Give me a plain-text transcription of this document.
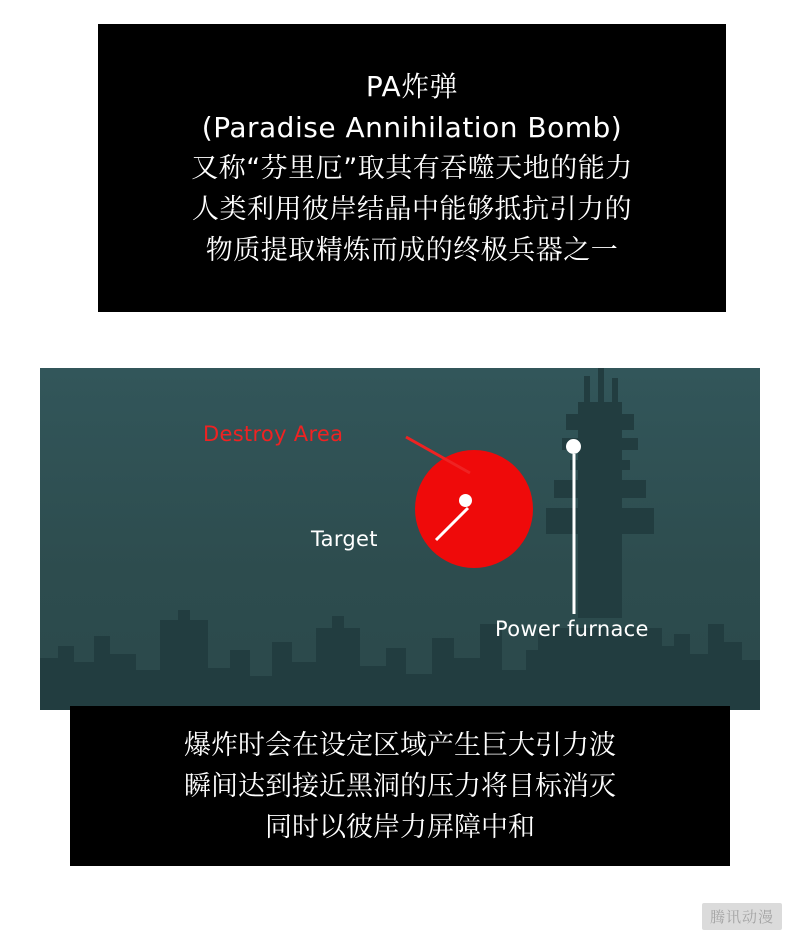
PA炸弹
(Paradise Annihilation Bomb)
又称“芬里厄”取其有吞噬天地的能力
人类利用彼岸结晶中能够抵抗引力的
物质提取精炼而成的终极兵器之一
Destroy Area
Target
Power furnace
爆炸时会在设定区域产生巨大引力波
瞬间达到接近黑洞的压力将目标消灭
同时以彼岸力屏障中和
腾讯动漫
